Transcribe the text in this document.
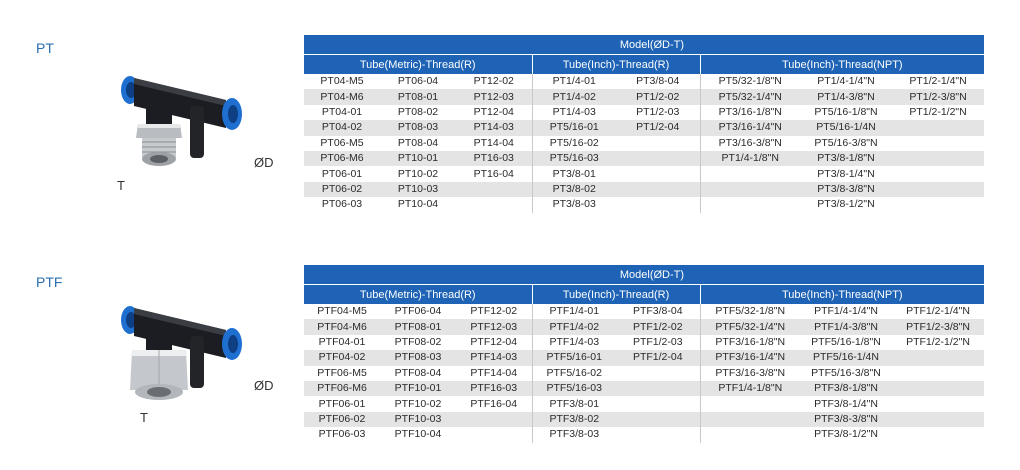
PT
ØD
T
Model(ØD-T)							
Tube(Metric)-Thread(R)			Tube(Inch)-Thread(R)		Tube(Inch)-Thread(NPT)		
PT04-M5	PT06-04	PT12-02	PT1/4-01	PT3/8-04	PT5/32-1/8"N	PT1/4-1/4"N	PT1/2-1/4"N
PT04-M6	PT08-01	PT12-03	PT1/4-02	PT1/2-02	PT5/32-1/4"N	PT1/4-3/8"N	PT1/2-3/8"N
PT04-01	PT08-02	PT12-04	PT1/4-03	PT1/2-03	PT3/16-1/8"N	PT5/16-1/8"N	PT1/2-1/2"N
PT04-02	PT08-03	PT14-03	PT5/16-01	PT1/2-04	PT3/16-1/4"N	PT5/16-1/4N	
PT06-M5	PT08-04	PT14-04	PT5/16-02		PT3/16-3/8"N	PT5/16-3/8"N	
PT06-M6	PT10-01	PT16-03	PT5/16-03		PT1/4-1/8"N	PT3/8-1/8"N	
PT06-01	PT10-02	PT16-04	PT3/8-01			PT3/8-1/4"N	
PT06-02	PT10-03		PT3/8-02			PT3/8-3/8"N	
PT06-03	PT10-04		PT3/8-03			PT3/8-1/2"N	
PTF
ØD
T
Model(ØD-T)							
Tube(Metric)-Thread(R)			Tube(Inch)-Thread(R)		Tube(Inch)-Thread(NPT)		
PTF04-M5	PTF06-04	PTF12-02	PTF1/4-01	PTF3/8-04	PTF5/32-1/8"N	PTF1/4-1/4"N	PTF1/2-1/4"N
PTF04-M6	PTF08-01	PTF12-03	PTF1/4-02	PTF1/2-02	PTF5/32-1/4"N	PTF1/4-3/8"N	PTF1/2-3/8"N
PTF04-01	PTF08-02	PTF12-04	PTF1/4-03	PTF1/2-03	PTF3/16-1/8"N	PTF5/16-1/8"N	PTF1/2-1/2"N
PTF04-02	PTF08-03	PTF14-03	PTF5/16-01	PTF1/2-04	PTF3/16-1/4"N	PTF5/16-1/4N	
PTF06-M5	PTF08-04	PTF14-04	PTF5/16-02		PTF3/16-3/8"N	PTF5/16-3/8"N	
PTF06-M6	PTF10-01	PTF16-03	PTF5/16-03		PTF1/4-1/8"N	PTF3/8-1/8"N	
PTF06-01	PTF10-02	PTF16-04	PTF3/8-01			PTF3/8-1/4"N	
PTF06-02	PTF10-03		PTF3/8-02			PTF3/8-3/8"N	
PTF06-03	PTF10-04		PTF3/8-03			PTF3/8-1/2"N	
